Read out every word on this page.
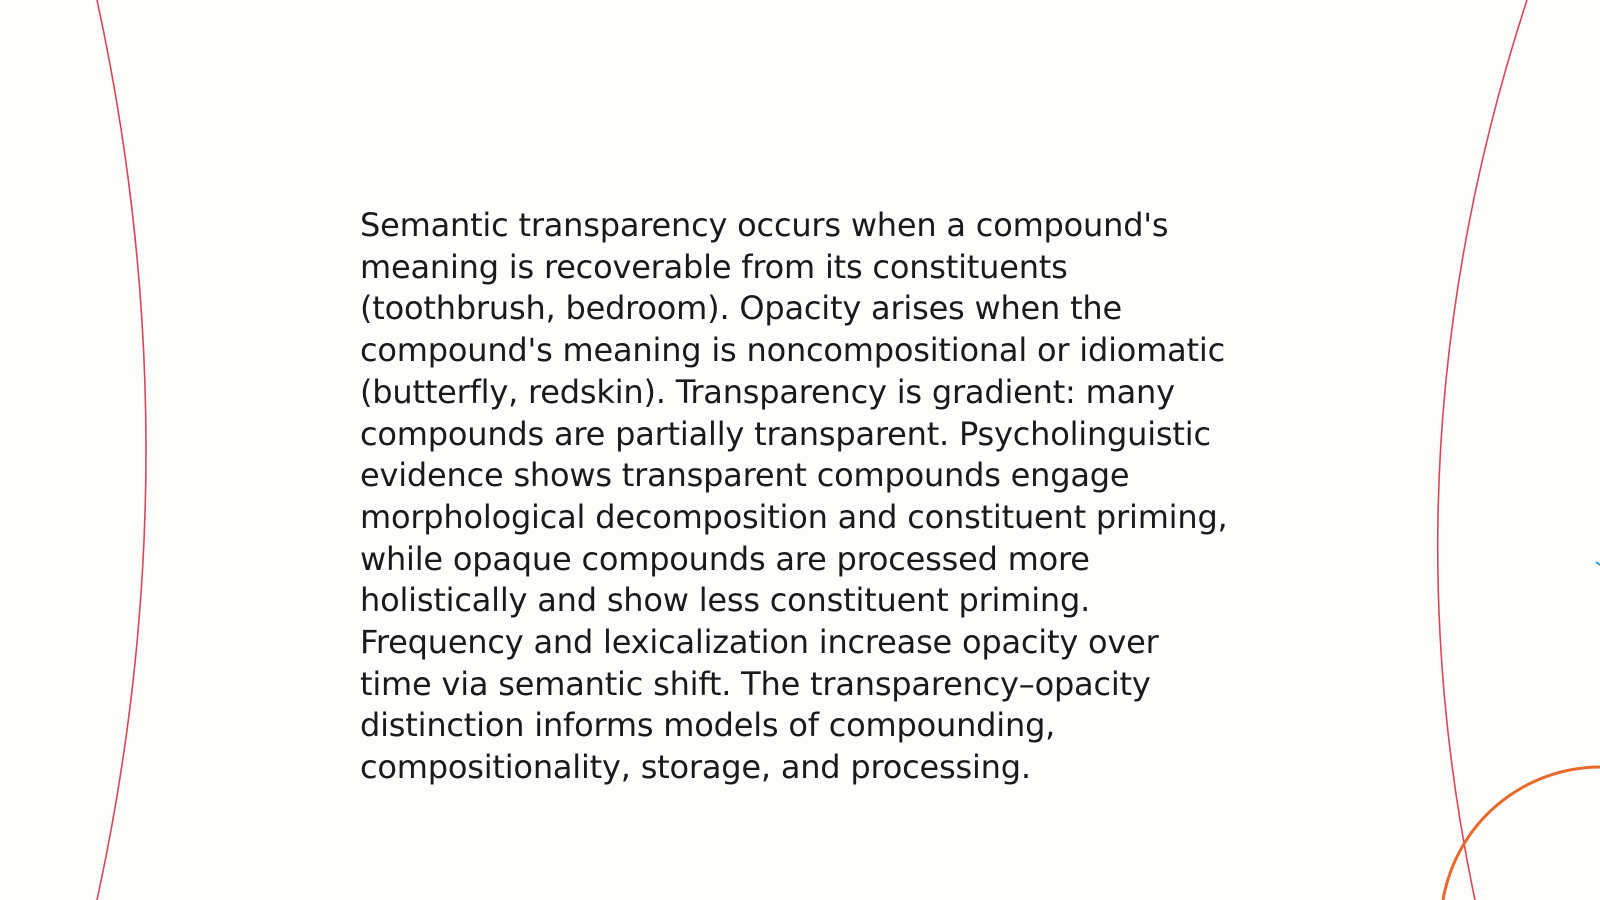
Semantic transparency occurs when a compound's meaning is recoverable from its constituents (toothbrush, bedroom). Opacity arises when the compound's meaning is noncompositional or idiomatic (butterfly, redskin). Transparency is gradient: many compounds are partially transparent. Psycholinguistic evidence shows transparent compounds engage morphological decomposition and constituent priming, while opaque compounds are processed more holistically and show less constituent priming. Frequency and lexicalization increase opacity over time via semantic shift. The transparency–opacity distinction informs models of compounding, compositionality, storage, and processing.
